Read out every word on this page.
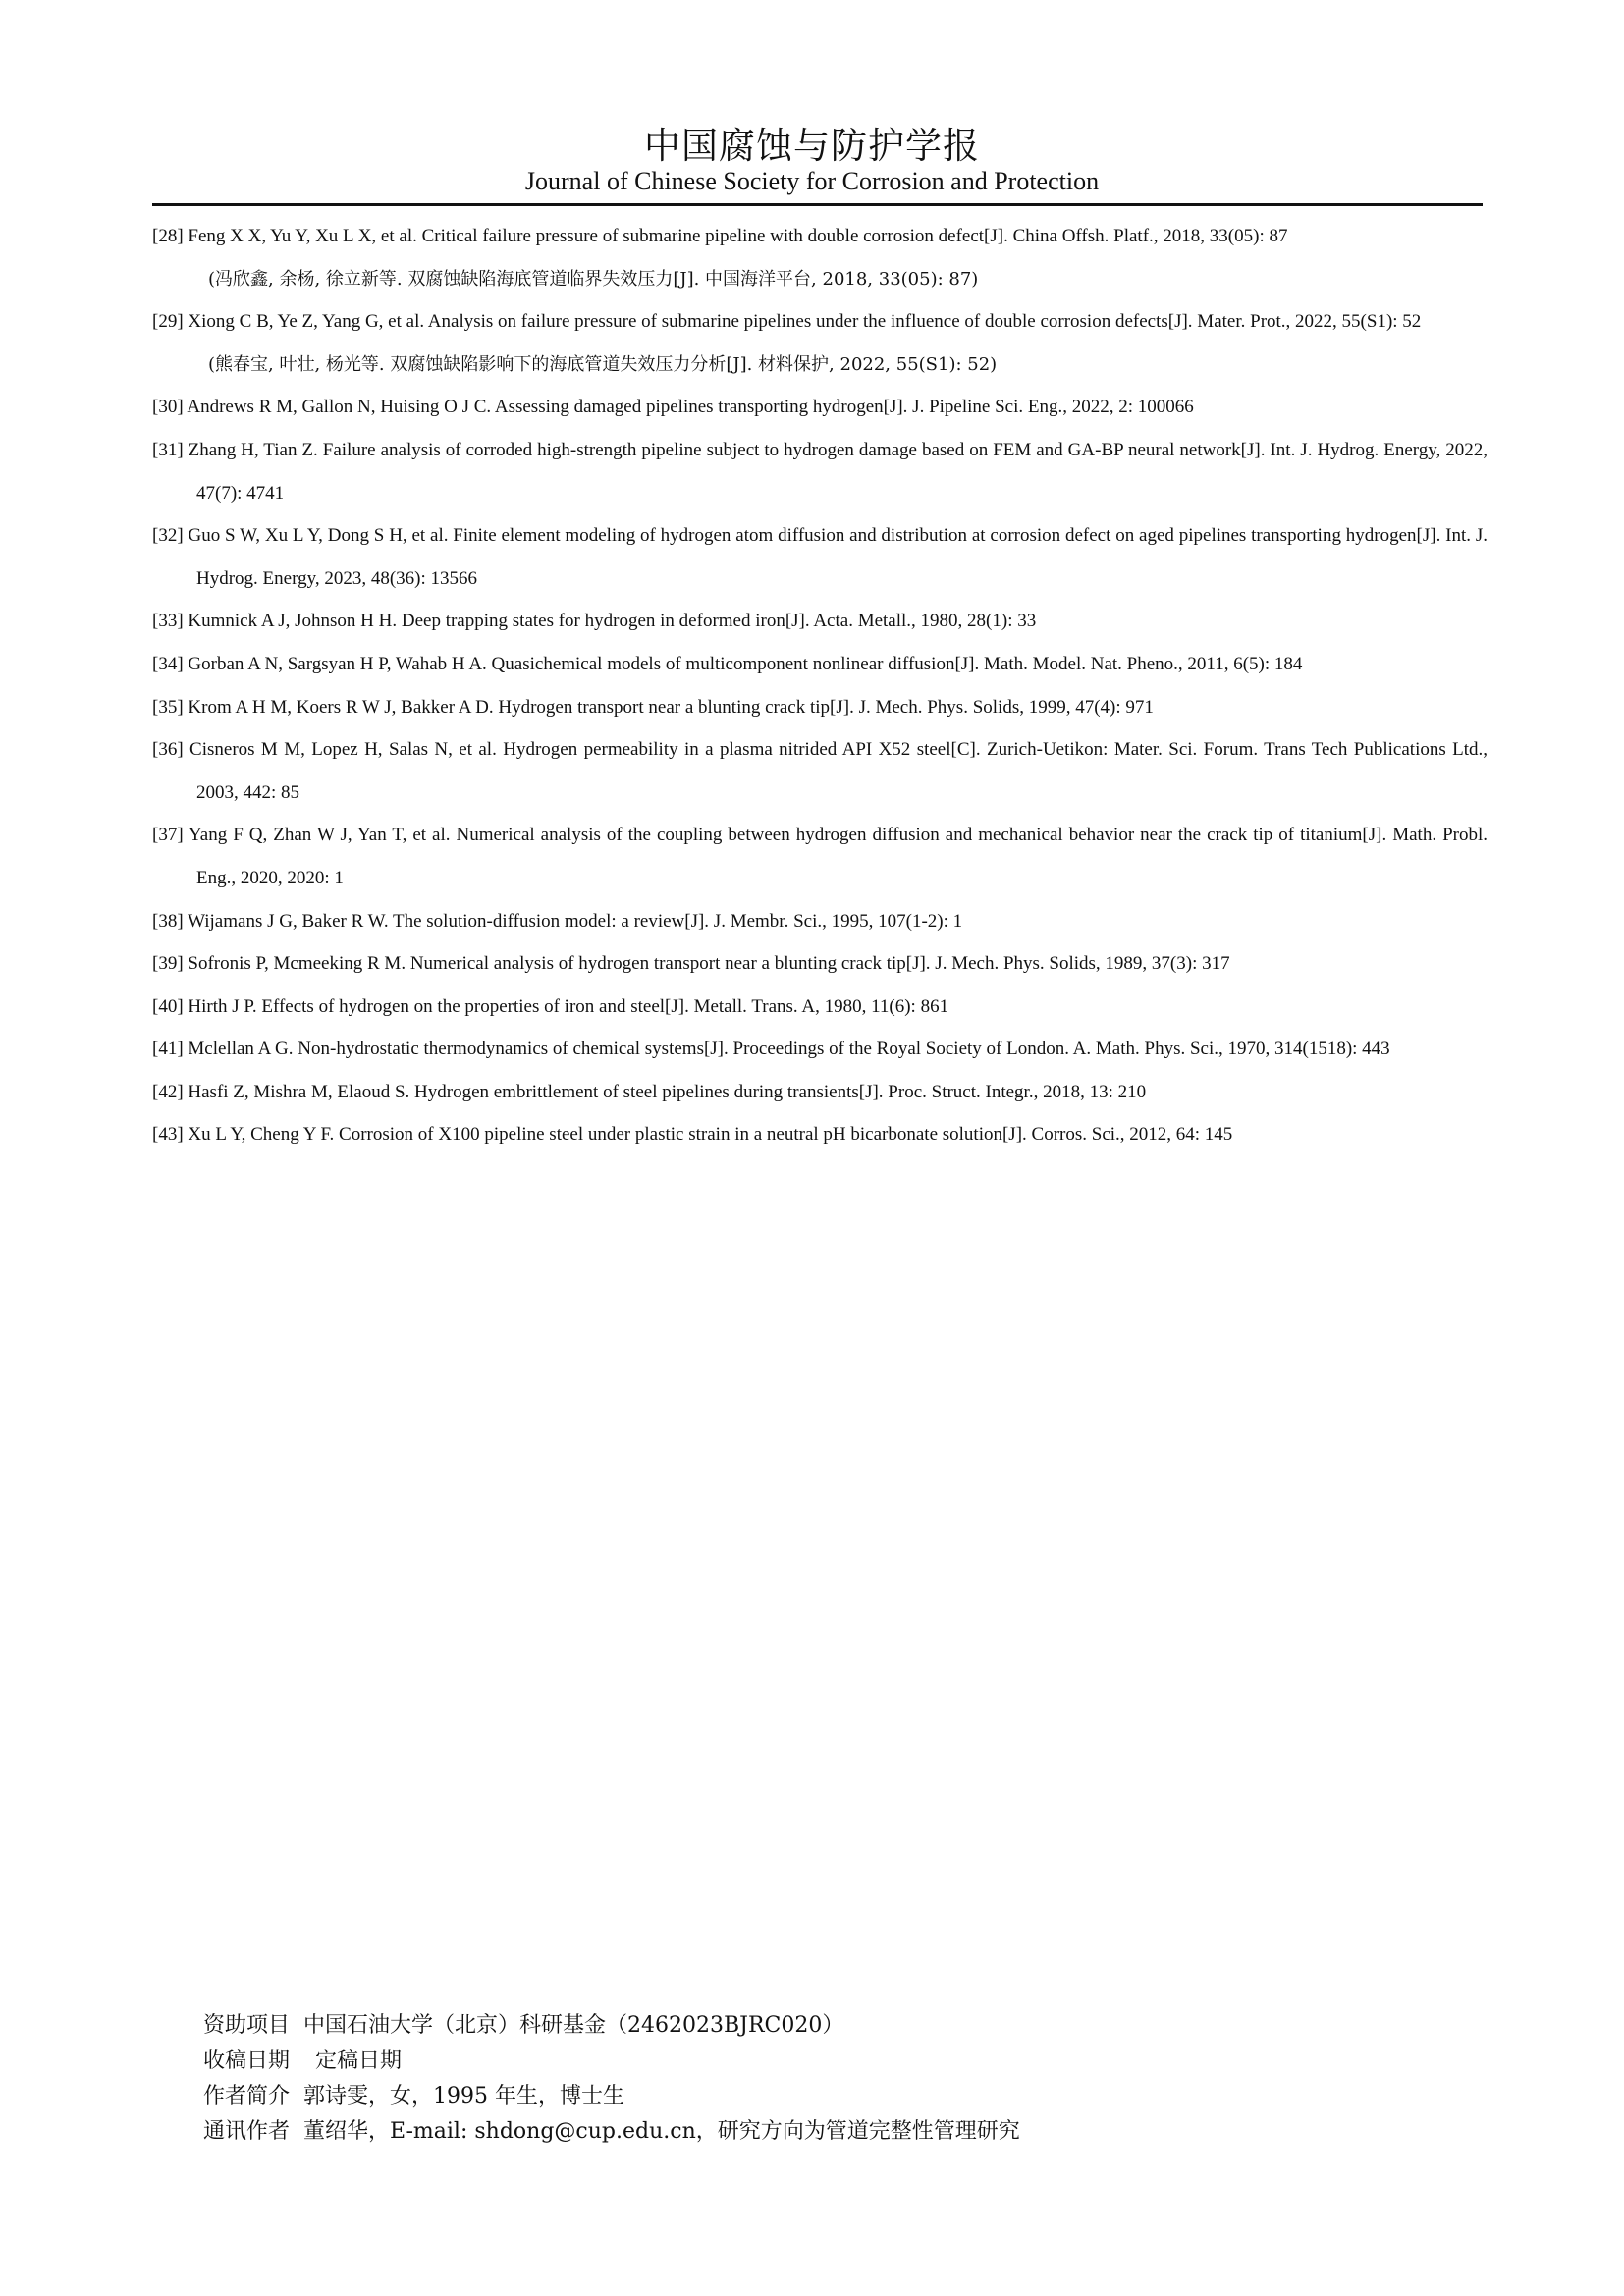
中国腐蚀与防护学报
Journal of Chinese Society for Corrosion and Protection
[28] Feng X X, Yu Y, Xu L X, et al. Critical failure pressure of submarine pipeline with double corrosion defect[J]. China Offsh. Platf., 2018, 33(05): 87
(冯欣鑫, 余杨, 徐立新等. 双腐蚀缺陷海底管道临界失效压力[J]. 中国海洋平台, 2018, 33(05): 87)
[29] Xiong C B, Ye Z, Yang G, et al. Analysis on failure pressure of submarine pipelines under the influence of double corrosion defects[J]. Mater. Prot., 2022, 55(S1): 52
(熊春宝, 叶壮, 杨光等. 双腐蚀缺陷影响下的海底管道失效压力分析[J]. 材料保护, 2022, 55(S1): 52)
[30] Andrews R M, Gallon N, Huising O J C. Assessing damaged pipelines transporting hydrogen[J]. J. Pipeline Sci. Eng., 2022, 2: 100066
[31] Zhang H, Tian Z. Failure analysis of corroded high-strength pipeline subject to hydrogen damage based on FEM and GA-BP neural network[J]. Int. J. Hydrog. Energy, 2022, 47(7): 4741
[32] Guo S W, Xu L Y, Dong S H, et al. Finite element modeling of hydrogen atom diffusion and distribution at corrosion defect on aged pipelines transporting hydrogen[J]. Int. J. Hydrog. Energy, 2023, 48(36): 13566
[33] Kumnick A J, Johnson H H. Deep trapping states for hydrogen in deformed iron[J]. Acta. Metall., 1980, 28(1): 33
[34] Gorban A N, Sargsyan H P, Wahab H A. Quasichemical models of multicomponent nonlinear diffusion[J]. Math. Model. Nat. Pheno., 2011, 6(5): 184
[35] Krom A H M, Koers R W J, Bakker A D. Hydrogen transport near a blunting crack tip[J]. J. Mech. Phys. Solids, 1999, 47(4): 971
[36] Cisneros M M, Lopez H, Salas N, et al. Hydrogen permeability in a plasma nitrided API X52 steel[C]. Zurich-Uetikon: Mater. Sci. Forum. Trans Tech Publications Ltd., 2003, 442: 85
[37] Yang F Q, Zhan W J, Yan T, et al. Numerical analysis of the coupling between hydrogen diffusion and mechanical behavior near the crack tip of titanium[J]. Math. Probl. Eng., 2020, 2020: 1
[38] Wijamans J G, Baker R W. The solution-diffusion model: a review[J]. J. Membr. Sci., 1995, 107(1-2): 1
[39] Sofronis P, Mcmeeking R M. Numerical analysis of hydrogen transport near a blunting crack tip[J]. J. Mech. Phys. Solids, 1989, 37(3): 317
[40] Hirth J P. Effects of hydrogen on the properties of iron and steel[J]. Metall. Trans. A, 1980, 11(6): 861
[41] Mclellan A G. Non-hydrostatic thermodynamics of chemical systems[J]. Proceedings of the Royal Society of London. A. Math. Phys. Sci., 1970, 314(1518): 443
[42] Hasfi Z, Mishra M, Elaoud S. Hydrogen embrittlement of steel pipelines during transients[J]. Proc. Struct. Integr., 2018, 13: 210
[43] Xu L Y, Cheng Y F. Corrosion of X100 pipeline steel under plastic strain in a neutral pH bicarbonate solution[J]. Corros. Sci., 2012, 64: 145
资助项目 中国石油大学（北京）科研基金（2462023BJRC020）
收稿日期 定稿日期
作者简介 郭诗雯，女，1995 年生，博士生
通讯作者 董绍华，E-mail: shdong@cup.edu.cn，研究方向为管道完整性管理研究
